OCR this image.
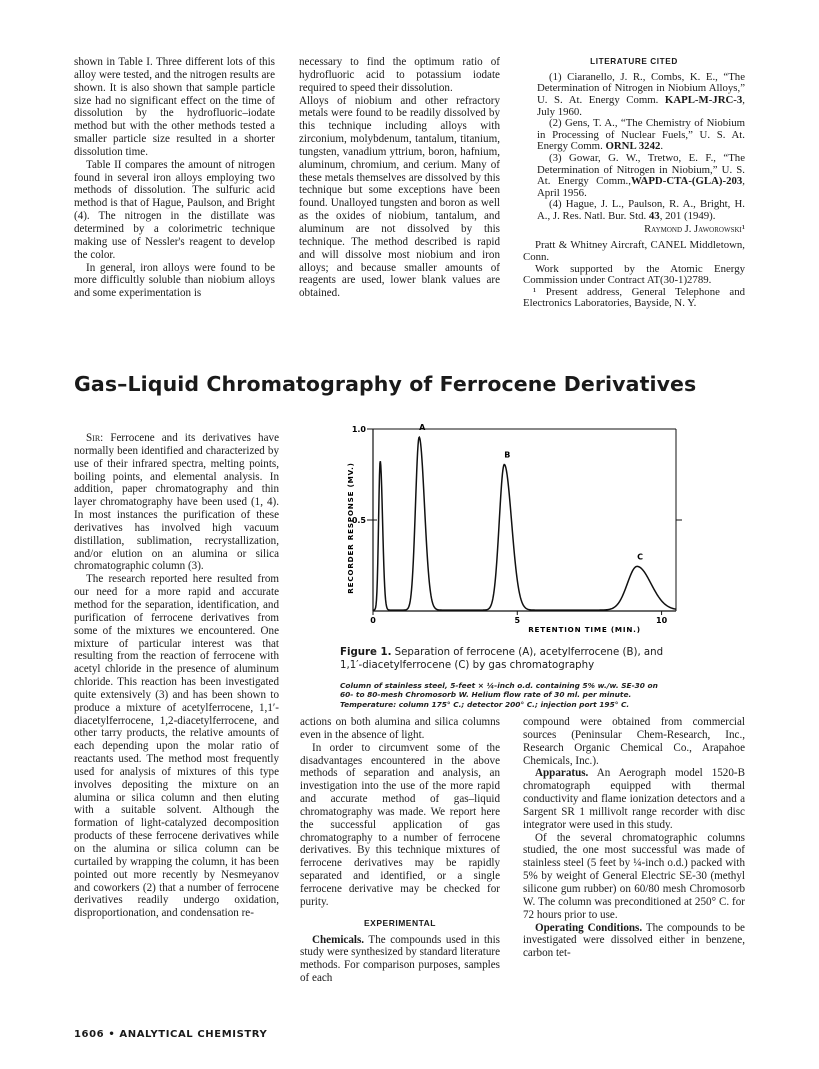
shown in Table I. Three different lots of this alloy were tested, and the nitrogen results are shown. It is also shown that sample particle size had no significant effect on the time of dissolution by the hydrofluoric–iodate method but with the other methods tested a smaller particle size resulted in a shorter dissolution time.

Table II compares the amount of nitrogen found in several iron alloys employing two methods of dissolution. The sulfuric acid method is that of Hague, Paulson, and Bright (4). The nitrogen in the distillate was determined by a colorimetric technique making use of Nessler's reagent to develop the color.

In general, iron alloys were found to be more difficultly soluble than niobium alloys and some experimentation is

necessary to find the optimum ratio of hydrofluoric acid to potassium iodate required to speed their dissolution.

Alloys of niobium and other refractory metals were found to be readily dissolved by this technique including alloys with zirconium, molybdenum, tantalum, titanium, tungsten, vanadium yttrium, boron, hafnium, aluminum, chromium, and cerium. Many of these metals themselves are dissolved by this technique but some exceptions have been found. Unalloyed tungsten and boron as well as the oxides of niobium, tantalum, and aluminum are not dissolved by this technique. The method described is rapid and will dissolve most niobium and iron alloys; and because smaller amounts of reagents are used, lower blank values are obtained.

LITERATURE CITED

(1) Ciaranello, J. R., Combs, K. E., “The Determination of Nitrogen in Niobium Alloys,” U. S. At. Energy Comm. KAPL-M-JRC-3, July 1960.

(2) Gens, T. A., “The Chemistry of Niobium in Processing of Nuclear Fuels,” U. S. At. Energy Comm. ORNL 3242.

(3) Gowar, G. W., Tretwo, E. F., “The Determination of Nitrogen in Niobium,” U. S. At. Energy Comm.,WAPD-CTA-(GLA)-203, April 1956.

(4) Hague, J. L., Paulson, R. A., Bright, H. A., J. Res. Natl. Bur. Std. 43, 201 (1949).

Raymond J. Jaworowski¹

Pratt & Whitney Aircraft, CANEL Middletown, Conn.

Work supported by the Atomic Energy Commission under Contract AT(30-1)2789.

¹ Present address, General Telephone and Electronics Laboratories, Bayside, N. Y.

Gas–Liquid Chromatography of Ferrocene Derivatives

Sir: Ferrocene and its derivatives have normally been identified and characterized by use of their infrared spectra, melting points, boiling points, and elemental analysis. In addition, paper chromatography and thin layer chromatography have been used (1, 4). In most instances the purification of these derivatives has involved high vacuum distillation, sublimation, recrystallization, and/or elution on an alumina or silica chromatographic column (3).

The research reported here resulted from our need for a more rapid and accurate method for the separation, identification, and purification of ferrocene derivatives from some of the mixtures we encountered. One mixture of particular interest was that resulting from the reaction of ferrocene with acetyl chloride in the presence of aluminum chloride. This reaction has been investigated quite extensively (3) and has been shown to produce a mixture of acetylferrocene, 1,1′-diacetylferrocene, 1,2-diacetylferrocene, and other tarry products, the relative amounts of each depending upon the molar ratio of reactants used. The method most frequently used for analysis of mixtures of this type involves depositing the mixture on an alumina or silica column and then eluting with a suitable solvent. Although the formation of light-catalyzed decomposition products of these ferrocene derivatives while on the alumina or silica column can be curtailed by wrapping the column, it has been pointed out more recently by Nesmeyanov and coworkers (2) that a number of ferrocene derivatives readily undergo oxidation, disproportionation, and condensation re-

1.0
0.5
0	5	10
RETENTION TIME (MIN.)
RECORDER RESPONSE (MV.)
A
B
C

Figure 1. Separation of ferrocene (A), acetylferrocene (B), and 1,1′-diacetylferrocene (C) by gas chromatography

Column of stainless steel, 5-feet × ¼-inch o.d. containing 5% w./w. SE-30 on 60- to 80-mesh Chromosorb W. Helium flow rate of 30 ml. per minute. Temperature: column 175° C.; detector 200° C.; injection port 195° C.

actions on both alumina and silica columns even in the absence of light.

In order to circumvent some of the disadvantages encountered in the above methods of separation and analysis, an investigation into the use of the more rapid and accurate method of gas–liquid chromatography was made. We report here the successful application of gas chromatography to a number of ferrocene derivatives. By this technique mixtures of ferrocene derivatives may be rapidly separated and identified, or a single ferrocene derivative may be checked for purity.

EXPERIMENTAL

Chemicals. The compounds used in this study were synthesized by standard literature methods. For comparison purposes, samples of each

compound were obtained from commercial sources (Peninsular Chem-Research, Inc., Research Organic Chemical Co., Arapahoe Chemicals, Inc.).

Apparatus. An Aerograph model 1520-B chromatograph equipped with thermal conductivity and flame ionization detectors and a Sargent SR 1 millivolt range recorder with disc integrator were used in this study.

Of the several chromatographic columns studied, the one most successful was made of stainless steel (5 feet by ¼-inch o.d.) packed with 5% by weight of General Electric SE-30 (methyl silicone gum rubber) on 60/80 mesh Chromosorb W. The column was preconditioned at 250° C. for 72 hours prior to use.

Operating Conditions. The compounds to be investigated were dissolved either in benzene, carbon tet-

1606 • ANALYTICAL CHEMISTRY
